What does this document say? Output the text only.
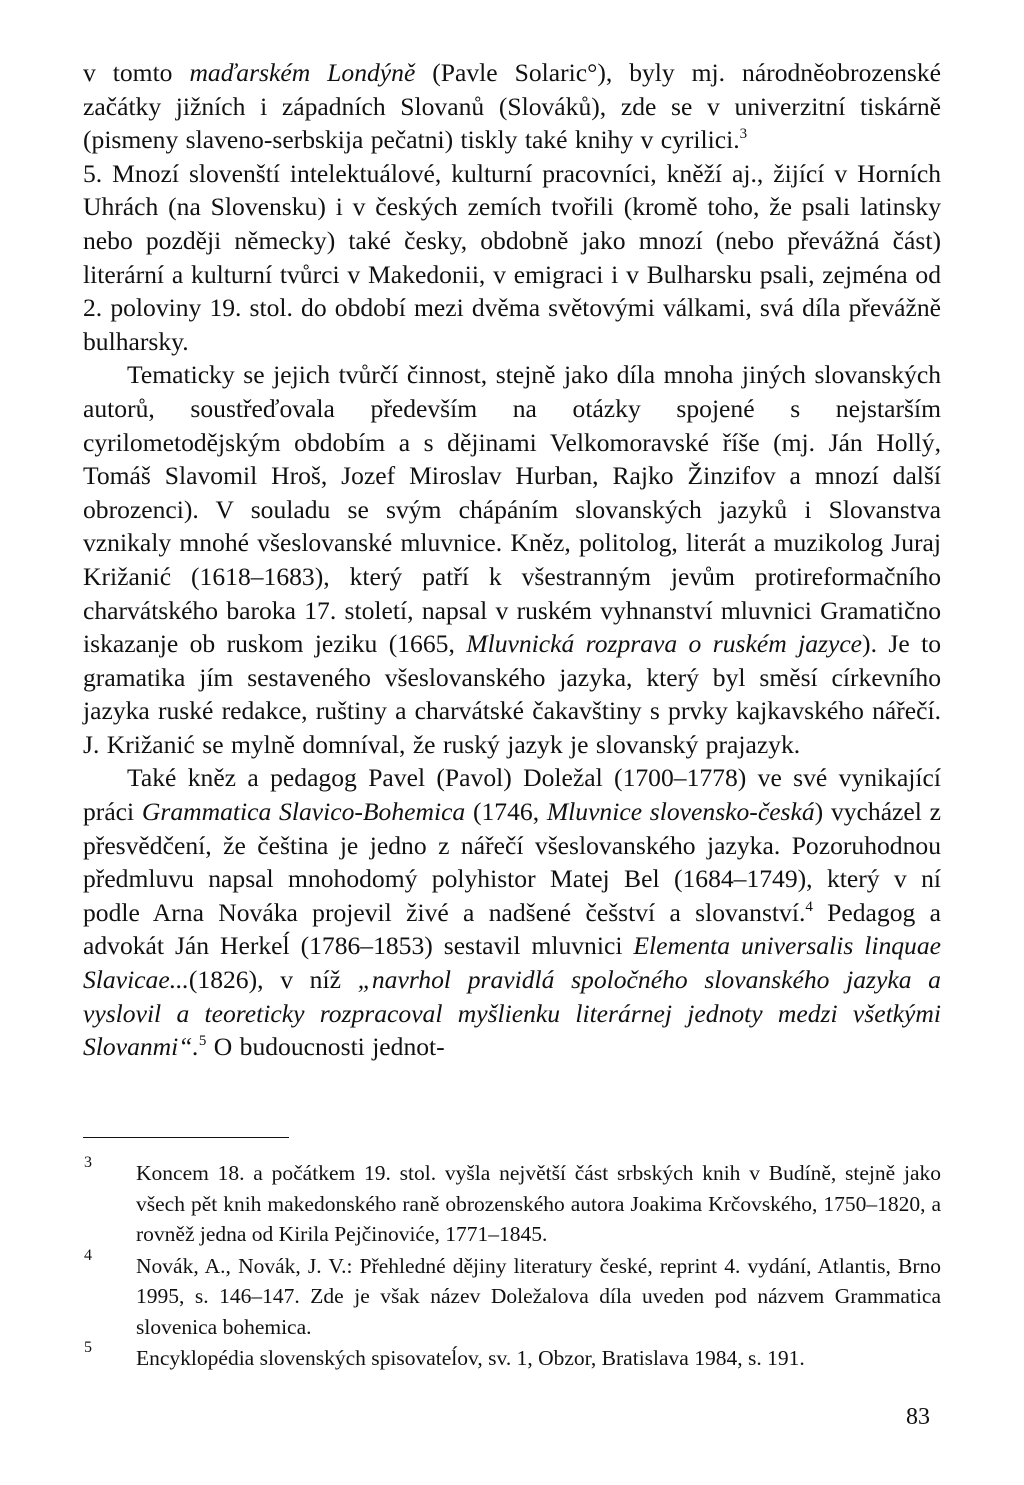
v tomto maďarském Londýně (Pavle Solaric°), byly mj. národněobrozenské začátky jižních i západních Slovanů (Slováků), zde se v univerzitní tiskárně (pismeny slaveno-serbskija pečatni) tiskly také knihy v cyrilici.$^3$

5. Mnozí slovenští intelektuálové, kulturní pracovníci, kněží aj., žijící v Horních Uhrách (na Slovensku) i v českých zemích tvořili (kromě toho, že psali latinsky nebo později německy) také česky, obdobně jako mnozí (nebo převážná část) literární a kulturní tvůrci v Makedonii, v emigraci i v Bulharsku psali, zejména od 2. poloviny 19. stol. do období mezi dvěma světovými válkami, svá díla převážně bulharsky.

Tematicky se jejich tvůrčí činnost, stejně jako díla mnoha jiných slovanských autorů, soustřeďovala především na otázky spojené s nejstarším cyrilometodějským obdobím a s dějinami Velkomoravské říše (mj. Ján Hollý, Tomáš Slavomil Hroš, Jozef Miroslav Hurban, Rajko Žinzifov a mnozí další obrozenci). V souladu se svým chápáním slovanských jazyků i Slovanstva vznikaly mnohé všeslovanské mluvnice. Kněz, politolog, literát a muzikolog Juraj Križanić (1618–1683), který patří k všestranným jevům protireformačního charvátského baroka 17. století, napsal v ruském vyhnanství mluvnici Gramatično iskazanje ob ruskom jeziku (1665, Mluvnická rozprava o ruském jazyce). Je to gramatika jím sestaveného všeslovanského jazyka, který byl směsí církevního jazyka ruské redakce, ruštiny a charvátské čakavštiny s prvky kajkavského nářečí. J. Križanić se mylně domníval, že ruský jazyk je slovanský prajazyk.

Také kněz a pedagog Pavel (Pavol) Doležal (1700–1778) ve své vynikající práci Grammatica Slavico-Bohemica (1746, Mluvnice slovensko-česká) vycházel z přesvědčení, že čeština je jedno z nářečí všeslovanského jazyka. Pozoruhodnou předmluvu napsal mnohodomý polyhistor Matej Bel (1684–1749), který v ní podle Arna Nováka projevil živé a nadšené češství a slovanství.$^4$ Pedagog a advokát Ján Herkeĺ (1786–1853) sestavil mluvnici Elementa universalis linquae Slavicae...(1826), v níž „navrhol pravidlá spoločného slovanského jazyka a vyslovil a teoreticky rozpracoval myšlienku literárnej jednoty medzi všetkými Slovanmi“.$^5$ O budoucnosti jednot-

3 Koncem 18. a počátkem 19. stol. vyšla největší část srbských knih v Budíně, stejně jako všech pět knih makedonského raně obrozenského autora Joakima Krčovského, 1750–1820, a rovněž jedna od Kirila Pejčinoviće, 1771–1845.
4 Novák, A., Novák, J. V.: Přehledné dějiny literatury české, reprint 4. vydání, Atlantis, Brno 1995, s. 146–147. Zde je však název Doležalova díla uveden pod názvem Grammatica slovenica bohemica.
5 Encyklopédia slovenských spisovateĺov, sv. 1, Obzor, Bratislava 1984, s. 191.
83
